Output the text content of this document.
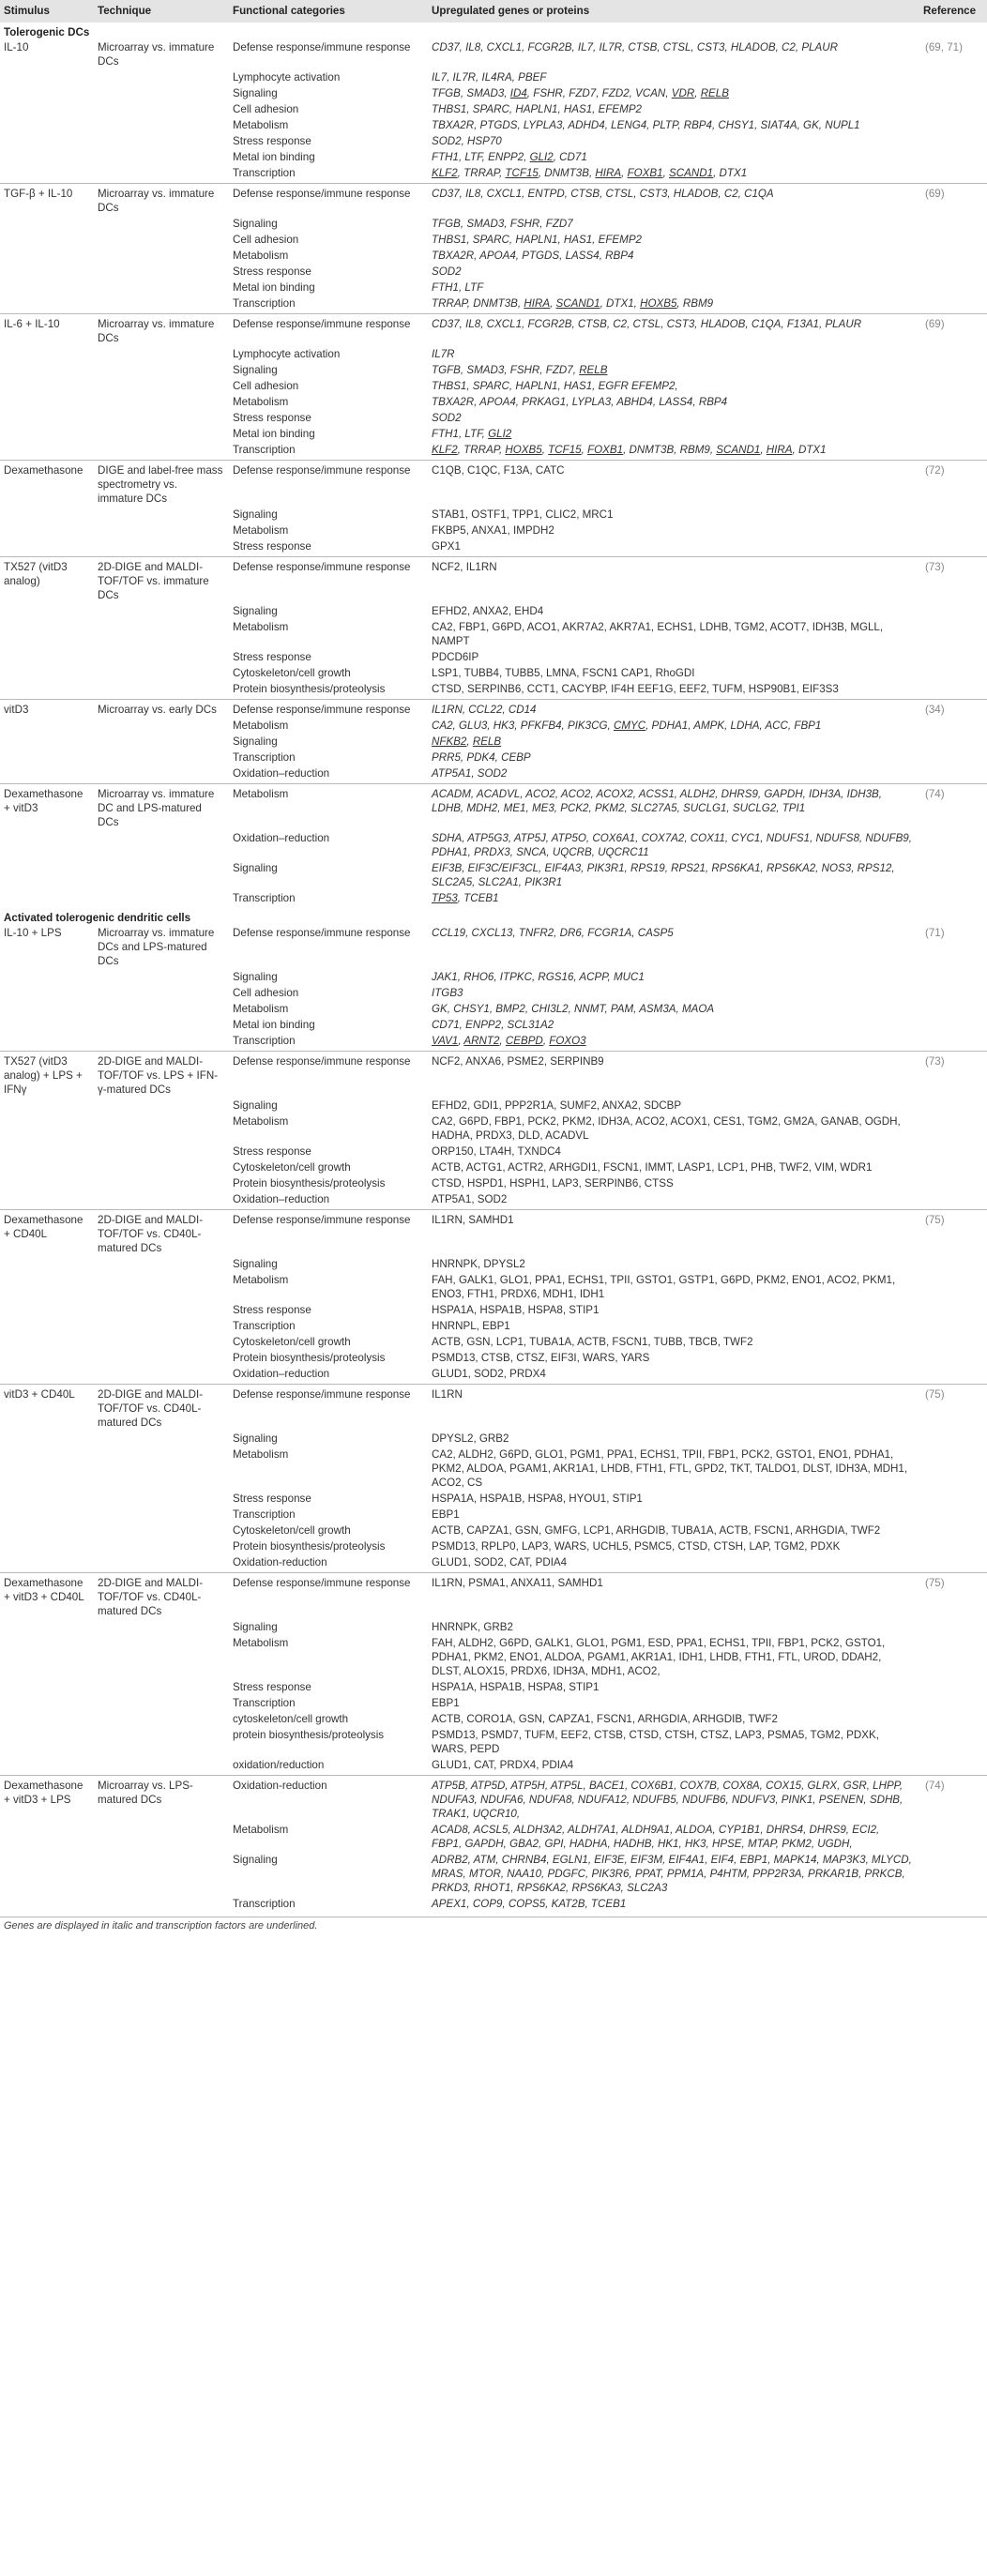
Stimulus	Technique	Functional categories	Upregulated genes or proteins	Reference
Tolerogenic DCs				
IL-10	Microarray vs. immature DCs	Defense response/immune response	CD37, IL8, CXCL1, FCGR2B, IL7, IL7R, CTSB, CTSL, CST3, HLADOB, C2, PLAUR	(69, 71)
		Lymphocyte activation	IL7, IL7R, IL4RA, PBEF	
		Signaling	TFGB, SMAD3, ID4, FSHR, FZD7, FZD2, VCAN, VDR, RELB	
		Cell adhesion	THBS1, SPARC, HAPLN1, HAS1, EFEMP2	
		Metabolism	TBXA2R, PTGDS, LYPLA3, ADHD4, LENG4, PLTP, RBP4, CHSY1, SIAT4A, GK, NUPL1	
		Stress response	SOD2, HSP70	
		Metal ion binding	FTH1, LTF, ENPP2, GLI2, CD71	
		Transcription	KLF2, TRRAP, TCF15, DNMT3B, HIRA, FOXB1, SCAND1, DTX1	
TGF-β + IL-10	Microarray vs. immature DCs	Defense response/immune response	CD37, IL8, CXCL1, ENTPD, CTSB, CTSL, CST3, HLADOB, C2, C1QA	(69)
		Signaling	TFGB, SMAD3, FSHR, FZD7	
		Cell adhesion	THBS1, SPARC, HAPLN1, HAS1, EFEMP2	
		Metabolism	TBXA2R, APOA4, PTGDS, LASS4, RBP4	
		Stress response	SOD2	
		Metal ion binding	FTH1, LTF	
		Transcription	TRRAP, DNMT3B, HIRA, SCAND1, DTX1, HOXB5, RBM9	
IL-6 + IL-10	Microarray vs. immature DCs	Defense response/immune response	CD37, IL8, CXCL1, FCGR2B, CTSB, C2, CTSL, CST3, HLADOB, C1QA, F13A1, PLAUR	(69)
		Lymphocyte activation	IL7R	
		Signaling	TGFB, SMAD3, FSHR, FZD7, RELB	
		Cell adhesion	THBS1, SPARC, HAPLN1, HAS1, EGFR EFEMP2,	
		Metabolism	TBXA2R, APOA4, PRKAG1, LYPLA3, ABHD4, LASS4, RBP4	
		Stress response	SOD2	
		Metal ion binding	FTH1, LTF, GLI2	
		Transcription	KLF2, TRRAP, HOXB5, TCF15, FOXB1, DNMT3B, RBM9, SCAND1, HIRA, DTX1	
Dexamethasone	DIGE and label-free mass spectrometry vs. immature DCs	Defense response/immune response	C1QB, C1QC, F13A, CATC	(72)
		Signaling	STAB1, OSTF1, TPP1, CLIC2, MRC1	
		Metabolism	FKBP5, ANXA1, IMPDH2	
		Stress response	GPX1	
TX527 (vitD3 analog)	2D-DIGE and MALDI-TOF/TOF vs. immature DCs	Defense response/immune response	NCF2, IL1RN	(73)
		Signaling	EFHD2, ANXA2, EHD4	
		Metabolism	CA2, FBP1, G6PD, ACO1, AKR7A2, AKR7A1, ECHS1, LDHB, TGM2, ACOT7, IDH3B, MGLL, NAMPT	
		Stress response	PDCD6IP	
		Cytoskeleton/cell growth	LSP1, TUBB4, TUBB5, LMNA, FSCN1 CAP1, RhoGDI	
		Protein biosynthesis/proteolysis	CTSD, SERPINB6, CCT1, CACYBP, IF4H EEF1G, EEF2, TUFM, HSP90B1, EIF3S3	
vitD3	Microarray vs. early DCs	Defense response/immune response	IL1RN, CCL22, CD14	(34)
		Metabolism	CA2, GLU3, HK3, PFKFB4, PIK3CG, CMYC, PDHA1, AMPK, LDHA, ACC, FBP1	
		Signaling	NFKB2, RELB	
		Transcription	PRR5, PDK4, CEBP	
		Oxidation–reduction	ATP5A1, SOD2	
Dexamethasone + vitD3	Microarray vs. immature DC and LPS-matured DCs	Metabolism	ACADM, ACADVL, ACO2, ACO2, ACOX2, ACSS1, ALDH2, DHRS9, GAPDH, IDH3A, IDH3B, LDHB, MDH2, ME1, ME3, PCK2, PKM2, SLC27A5, SUCLG1, SUCLG2, TPI1	(74)
		Oxidation–reduction	SDHA, ATP5G3, ATP5J, ATP5O, COX6A1, COX7A2, COX11, CYC1, NDUFS1, NDUFS8, NDUFB9, PDHA1, PRDX3, SNCA, UQCRB, UQCRC11	
		Signaling	EIF3B, EIF3C/EIF3CL, EIF4A3, PIK3R1, RPS19, RPS21, RPS6KA1, RPS6KA2, NOS3, RPS12, SLC2A5, SLC2A1, PIK3R1	
		Transcription	TP53, TCEB1	
Activated tolerogenic dendritic cells				
IL-10 + LPS	Microarray vs. immature DCs and LPS-matured DCs	Defense response/immune response	CCL19, CXCL13, TNFR2, DR6, FCGR1A, CASP5	(71)
		Signaling	JAK1, RHO6, ITPKC, RGS16, ACPP, MUC1	
		Cell adhesion	ITGB3	
		Metabolism	GK, CHSY1, BMP2, CHI3L2, NNMT, PAM, ASM3A, MAOA	
		Metal ion binding	CD71, ENPP2, SCL31A2	
		Transcription	VAV1, ARNT2, CEBPD, FOXO3	
TX527 (vitD3 analog) + LPS + IFNγ	2D-DIGE and MALDI-TOF/TOF vs. LPS + IFN-γ-matured DCs	Defense response/immune response	NCF2, ANXA6, PSME2, SERPINB9	(73)
		Signaling	EFHD2, GDI1, PPP2R1A, SUMF2, ANXA2, SDCBP	
		Metabolism	CA2, G6PD, FBP1, PCK2, PKM2, IDH3A, ACO2, ACOX1, CES1, TGM2, GM2A, GANAB, OGDH, HADHA, PRDX3, DLD, ACADVL	
		Stress response	ORP150, LTA4H, TXNDC4	
		Cytoskeleton/cell growth	ACTB, ACTG1, ACTR2, ARHGDI1, FSCN1, IMMT, LASP1, LCP1, PHB, TWF2, VIM, WDR1	
		Protein biosynthesis/proteolysis	CTSD, HSPD1, HSPH1, LAP3, SERPINB6, CTSS	
		Oxidation–reduction	ATP5A1, SOD2	
Dexamethasone + CD40L	2D-DIGE and MALDI-TOF/TOF vs. CD40L-matured DCs	Defense response/immune response	IL1RN, SAMHD1	(75)
		Signaling	HNRNPK, DPYSL2	
		Metabolism	FAH, GALK1, GLO1, PPA1, ECHS1, TPII, GSTO1, GSTP1, G6PD, PKM2, ENO1, ACO2, PKM1, ENO3, FTH1, PRDX6, MDH1, IDH1	
		Stress response	HSPA1A, HSPA1B, HSPA8, STIP1	
		Transcription	HNRNPL, EBP1	
		Cytoskeleton/cell growth	ACTB, GSN, LCP1, TUBA1A, ACTB, FSCN1, TUBB, TBCB, TWF2	
		Protein biosynthesis/proteolysis	PSMD13, CTSB, CTSZ, EIF3I, WARS, YARS	
		Oxidation–reduction	GLUD1, SOD2, PRDX4	
vitD3 + CD40L	2D-DIGE and MALDI-TOF/TOF vs. CD40L-matured DCs	Defense response/immune response	IL1RN	(75)
		Signaling	DPYSL2, GRB2	
		Metabolism	CA2, ALDH2, G6PD, GLO1, PGM1, PPA1, ECHS1, TPII, FBP1, PCK2, GSTO1, ENO1, PDHA1, PKM2, ALDOA, PGAM1, AKR1A1, LHDB, FTH1, FTL, GPD2, TKT, TALDO1, DLST, IDH3A, MDH1, ACO2, CS	
		Stress response	HSPA1A, HSPA1B, HSPA8, HYOU1, STIP1	
		Transcription	EBP1	
		Cytoskeleton/cell growth	ACTB, CAPZA1, GSN, GMFG, LCP1, ARHGDIB, TUBA1A, ACTB, FSCN1, ARHGDIA, TWF2	
		Protein biosynthesis/proteolysis	PSMD13, RPLP0, LAP3, WARS, UCHL5, PSMC5, CTSD, CTSH, LAP, TGM2, PDXK	
		Oxidation-reduction	GLUD1, SOD2, CAT, PDIA4	
Dexamethasone + vitD3 + CD40L	2D-DIGE and MALDI-TOF/TOF vs. CD40L-matured DCs	Defense response/immune response	IL1RN, PSMA1, ANXA11, SAMHD1	(75)
		Signaling	HNRNPK, GRB2	
		Metabolism	FAH, ALDH2, G6PD, GALK1, GLO1, PGM1, ESD, PPA1, ECHS1, TPII, FBP1, PCK2, GSTO1, PDHA1, PKM2, ENO1, ALDOA, PGAM1, AKR1A1, IDH1, LHDB, FTH1, FTL, UROD, DDAH2, DLST, ALOX15, PRDX6, IDH3A, MDH1, ACO2,	
		Stress response	HSPA1A, HSPA1B, HSPA8, STIP1	
		Transcription	EBP1	
		cytoskeleton/cell growth	ACTB, CORO1A, GSN, CAPZA1, FSCN1, ARHGDIA, ARHGDIB, TWF2	
		protein biosynthesis/proteolysis	PSMD13, PSMD7, TUFM, EEF2, CTSB, CTSD, CTSH, CTSZ, LAP3, PSMA5, TGM2, PDXK, WARS, PEPD	
		oxidation/reduction	GLUD1, CAT, PRDX4, PDIA4	
Dexamethasone + vitD3 + LPS	Microarray vs. LPS-matured DCs	Oxidation-reduction	ATP5B, ATP5D, ATP5H, ATP5L, BACE1, COX6B1, COX7B, COX8A, COX15, GLRX, GSR, LHPP, NDUFA3, NDUFA6, NDUFA8, NDUFA12, NDUFB5, NDUFB6, NDUFV3, PINK1, PSENEN, SDHB, TRAK1, UQCR10,	(74)
		Metabolism	ACAD8, ACSL5, ALDH3A2, ALDH7A1, ALDH9A1, ALDOA, CYP1B1, DHRS4, DHRS9, ECI2, FBP1, GAPDH, GBA2, GPI, HADHA, HADHB, HK1, HK3, HPSE, MTAP, PKM2, UGDH,	
		Signaling	ADRB2, ATM, CHRNB4, EGLN1, EIF3E, EIF3M, EIF4A1, EIF4, EBP1, MAPK14, MAP3K3, MLYCD, MRAS, MTOR, NAA10, PDGFC, PIK3R6, PPAT, PPM1A, P4HTM, PPP2R3A, PRKAR1B, PRKCB, PRKD3, RHOT1, RPS6KA2, RPS6KA3, SLC2A3	
		Transcription	APEX1, COP9, COPS5, KAT2B, TCEB1	
Genes are displayed in italic and transcription factors are underlined.
